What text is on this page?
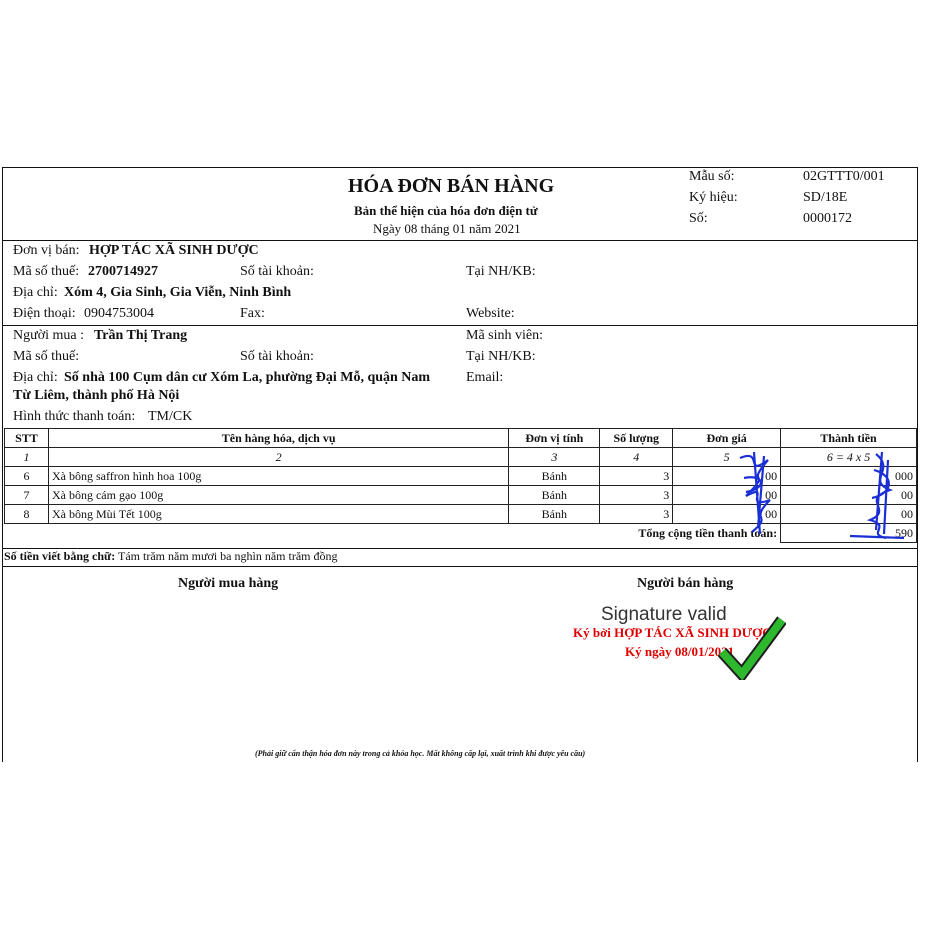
HÓA ĐƠN BÁN HÀNG
Bản thể hiện của hóa đơn điện tử
Ngày 08 tháng 01 năm 2021
Mẫu số:	02GTTT0/001
Ký hiệu:	SD/18E
Số:	0000172
Đơn vị bán: HỢP TÁC XÃ SINH DƯỢC
Mã số thuế: 2700714927	Số tài khoản:	Tại NH/KB:
Địa chỉ: Xóm 4, Gia Sinh, Gia Viễn, Ninh Bình
Điện thoại: 0904753004	Fax:	Website:
Người mua : Trần Thị Trang	Mã sinh viên:
Mã số thuế:	Số tài khoản:	Tại NH/KB:
Địa chỉ: Số nhà 100 Cụm dân cư Xóm La, phường Đại Mỗ, quận Nam	Email:
Từ Liêm, thành phố Hà Nội
Hình thức thanh toán: TM/CK
STT	Tên hàng hóa, dịch vụ	Đơn vị tính	Số lượng	Đơn giá	Thành tiền
1	2	3	4	5	6 = 4 x 5
6	Xà bông saffron hình hoa 100g	Bánh	3	00	000
7	Xà bông cám gạo 100g	Bánh	3	00	00
8	Xà bông Mùi Tết 100g	Bánh	3	00	00
Tổng cộng tiền thanh toán:					590
Số tiền viết bằng chữ: Tám trăm năm mươi ba nghìn năm trăm đồng
Người mua hàng	Người bán hàng
Signature valid
Ký bởi HỢP TÁC XÃ SINH DƯỢC
Ký ngày 08/01/2021
(Phải giữ cẩn thận hóa đơn này trong cả khóa học. Mất không cấp lại, xuất trình khi được yêu cầu)
